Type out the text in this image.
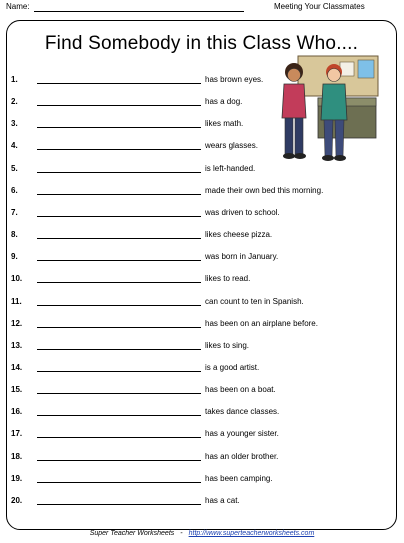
Name:	Meeting Your Classmates
Find Somebody in this Class Who....
1.	has brown eyes.
2.	has a dog.
3.	likes math.
4.	wears glasses.
5.	is left-handed.
6.	made their own bed this morning.
7.	was driven to school.
8.	likes cheese pizza.
9.	was born in January.
10.	likes to read.
11.	can count to ten in Spanish.
12.	has been on an airplane before.
13.	likes to sing.
14.	is a good artist.
15.	has been on a boat.
16.	takes dance classes.
17.	has a younger sister.
18.	has an older brother.
19.	has been camping.
20.	has a cat.
Super Teacher Worksheets - http://www.superteacherworksheets.com
